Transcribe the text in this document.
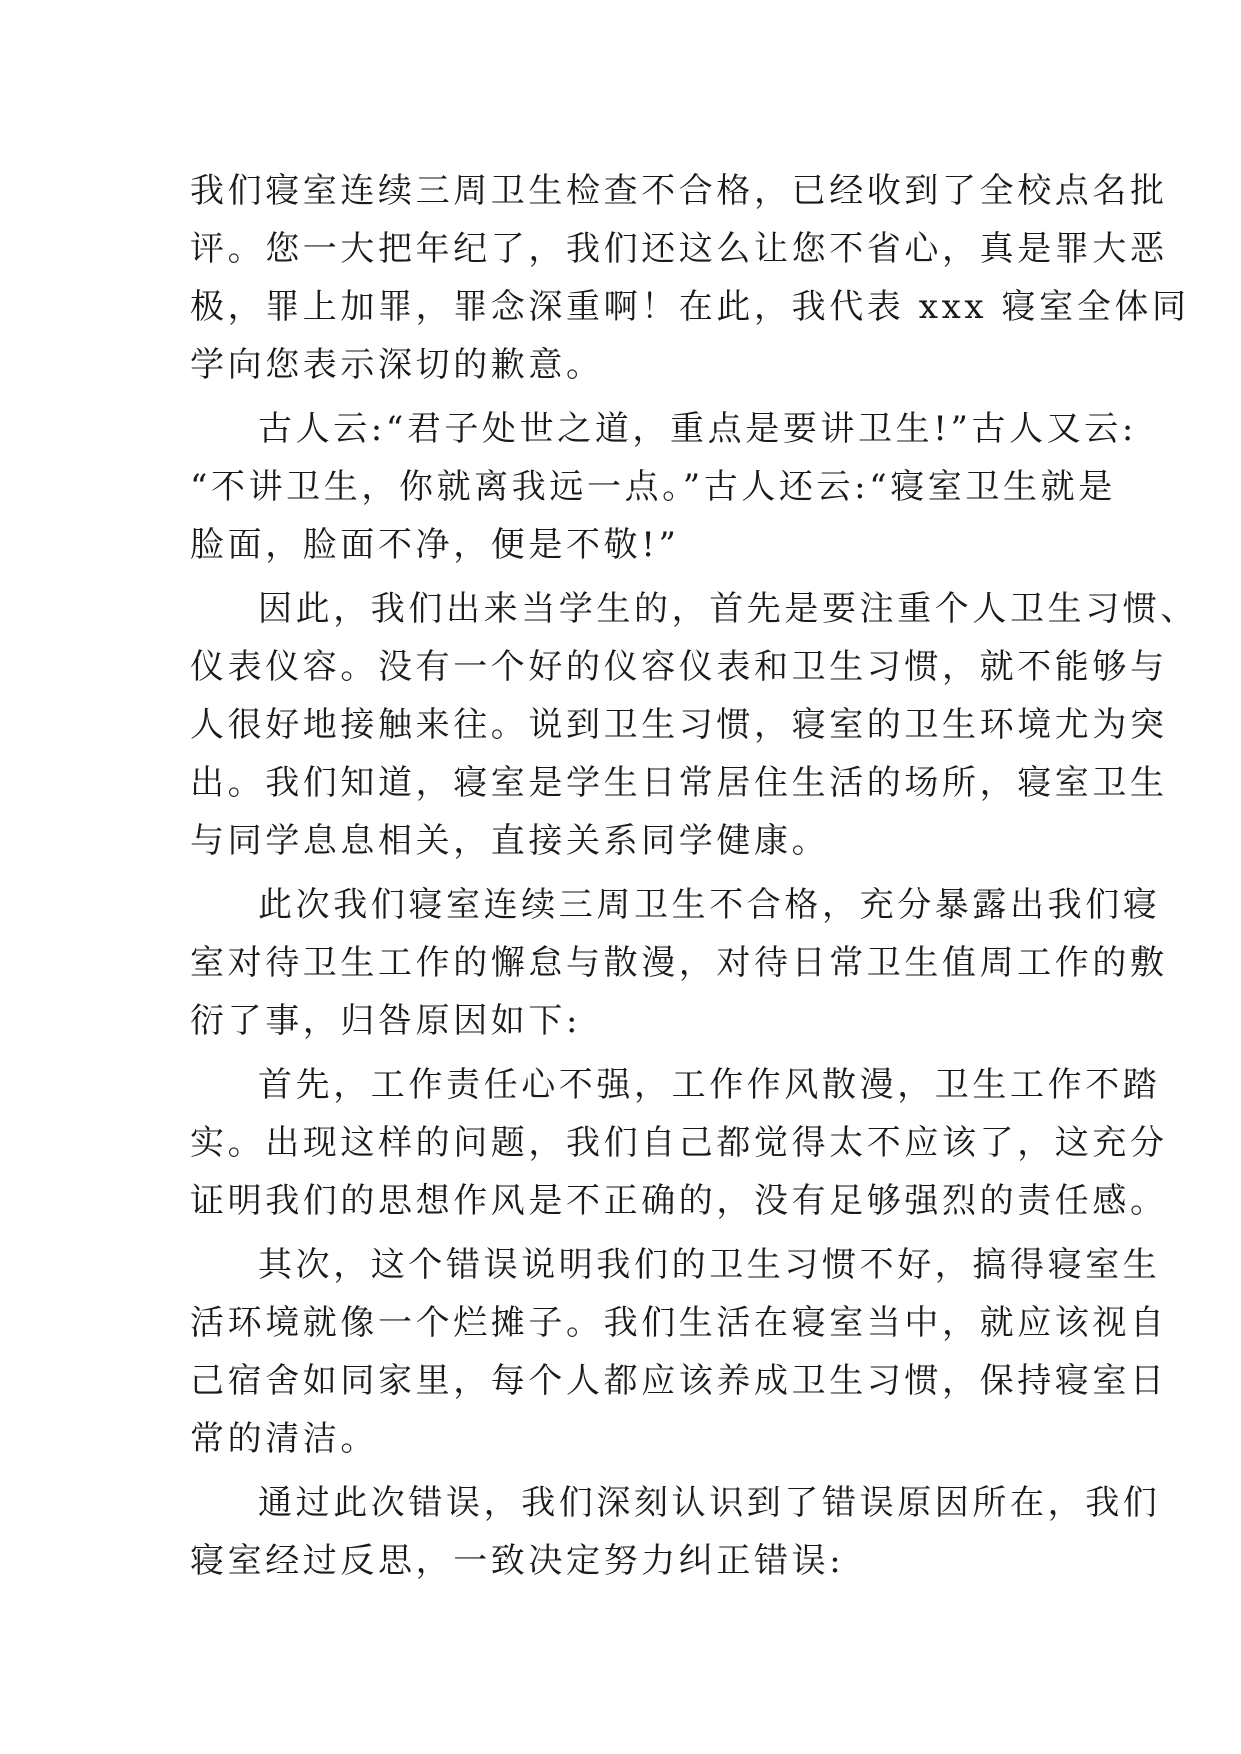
我们寝室连续三周卫生检查不合格，已经收到了全校点名批
评。您一大把年纪了，我们还这么让您不省心，真是罪大恶
极，罪上加罪，罪念深重啊！在此，我代表 xxx 寝室全体同
学向您表示深切的歉意。
古人云:“君子处世之道，重点是要讲卫生!”古人又云:
“不讲卫生，你就离我远一点。”古人还云:“寝室卫生就是
脸面，脸面不净，便是不敬!”
因此，我们出来当学生的，首先是要注重个人卫生习惯、
仪表仪容。没有一个好的仪容仪表和卫生习惯，就不能够与
人很好地接触来往。说到卫生习惯，寝室的卫生环境尤为突
出。我们知道，寝室是学生日常居住生活的场所，寝室卫生
与同学息息相关，直接关系同学健康。
此次我们寝室连续三周卫生不合格，充分暴露出我们寝
室对待卫生工作的懈怠与散漫，对待日常卫生值周工作的敷
衍了事，归咎原因如下:
首先，工作责任心不强，工作作风散漫，卫生工作不踏
实。出现这样的问题，我们自己都觉得太不应该了，这充分
证明我们的思想作风是不正确的，没有足够强烈的责任感。
其次，这个错误说明我们的卫生习惯不好，搞得寝室生
活环境就像一个烂摊子。我们生活在寝室当中，就应该视自
己宿舍如同家里，每个人都应该养成卫生习惯，保持寝室日
常的清洁。
通过此次错误，我们深刻认识到了错误原因所在，我们
寝室经过反思，一致决定努力纠正错误:
